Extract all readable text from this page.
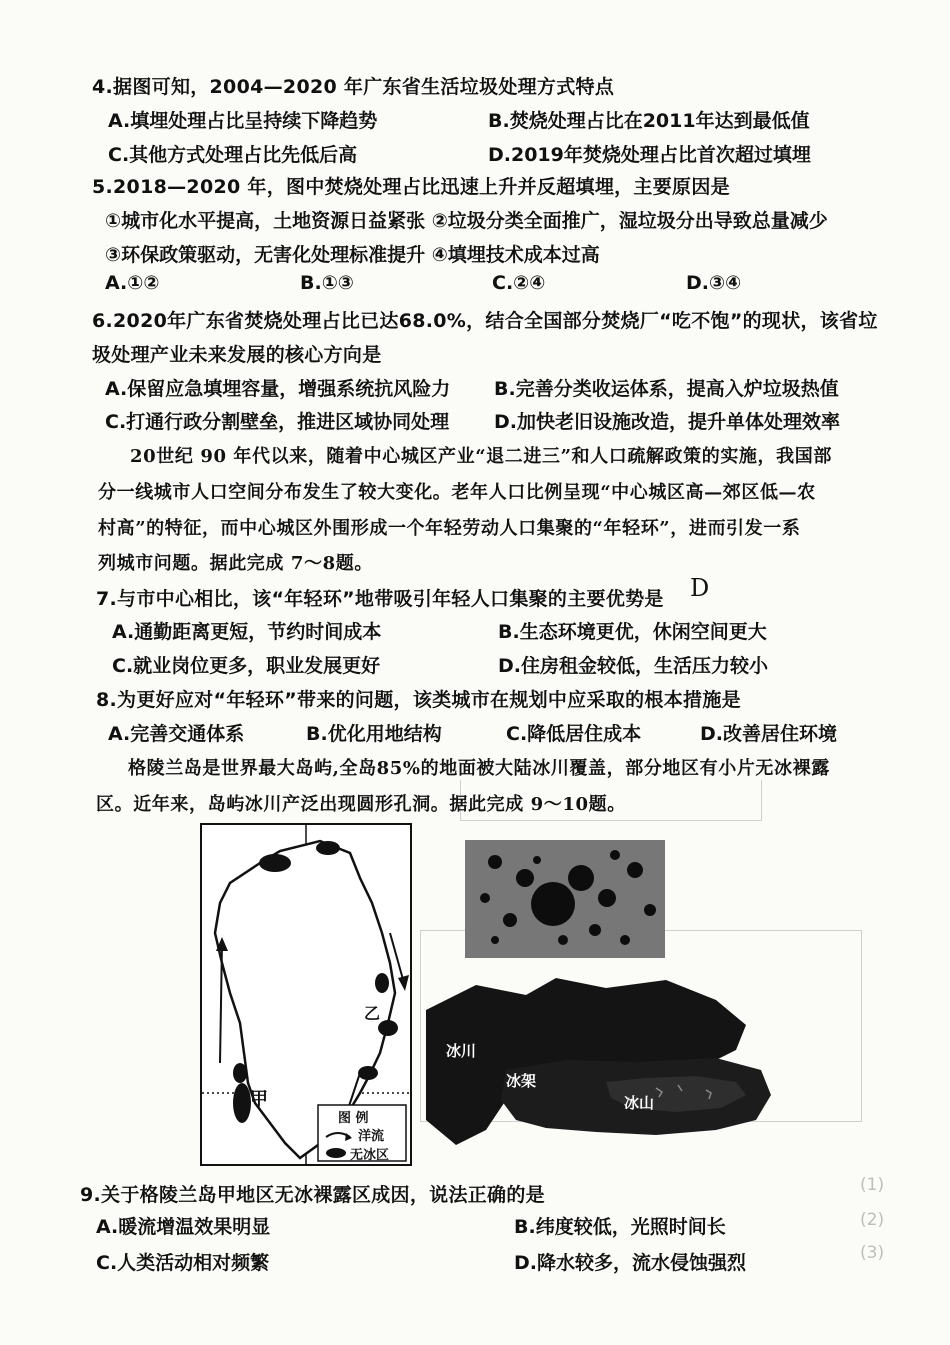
(1)
(2)
(3)
4.据图可知，2004—2020 年广东省生活垃圾处理方式特点
A.填埋处理占比呈持续下降趋势	B.焚烧处理占比在2011年达到最低值
C.其他方式处理占比先低后高	D.2019年焚烧处理占比首次超过填埋
5.2018—2020 年，图中焚烧处理占比迅速上升并反超填埋，主要原因是
①城市化水平提高，土地资源日益紧张 ②垃圾分类全面推广，湿垃圾分出导致总量减少
③环保政策驱动，无害化处理标准提升 ④填埋技术成本过高
A.①②	B.①③	C.②④	D.③④
6.2020年广东省焚烧处理占比已达68.0%，结合全国部分焚烧厂“吃不饱”的现状，该省垃
圾处理产业未来发展的核心方向是
A.保留应急填埋容量，增强系统抗风险力 B.完善分类收运体系，提高入炉垃圾热值
C.打通行政分割壁垒，推进区域协同处理 D.加快老旧设施改造，提升单体处理效率
20世纪 90 年代以来，随着中心城区产业“退二进三”和人口疏解政策的实施，我国部
分一线城市人口空间分布发生了较大变化。老年人口比例呈现“中心城区高—郊区低—农
村高”的特征，而中心城区外围形成一个年轻劳动人口集聚的“年轻环”，进而引发一系
列城市问题。据此完成 7～8题。
7.与市中心相比，该“年轻环”地带吸引年轻人口集聚的主要优势是 D
A.通勤距离更短，节约时间成本	B.生态环境更优，休闲空间更大
C.就业岗位更多，职业发展更好	D.住房租金较低，生活压力较小
8.为更好应对“年轻环”带来的问题，该类城市在规划中应采取的根本措施是
A.完善交通体系	B.优化用地结构	C.降低居住成本	D.改善居住环境
格陵兰岛是世界最大岛屿,全岛85%的地面被大陆冰川覆盖，部分地区有小片无冰裸露
区。近年来，岛屿冰川产泛出现圆形孔洞。据此完成 9～10题。
甲
乙
图 例
洋流
无冰区
冰川
冰架
冰山
9.关于格陵兰岛甲地区无冰裸露区成因，说法正确的是
A.暖流增温效果明显	B.纬度较低，光照时间长
C.人类活动相对频繁	D.降水较多，流水侵蚀强烈
